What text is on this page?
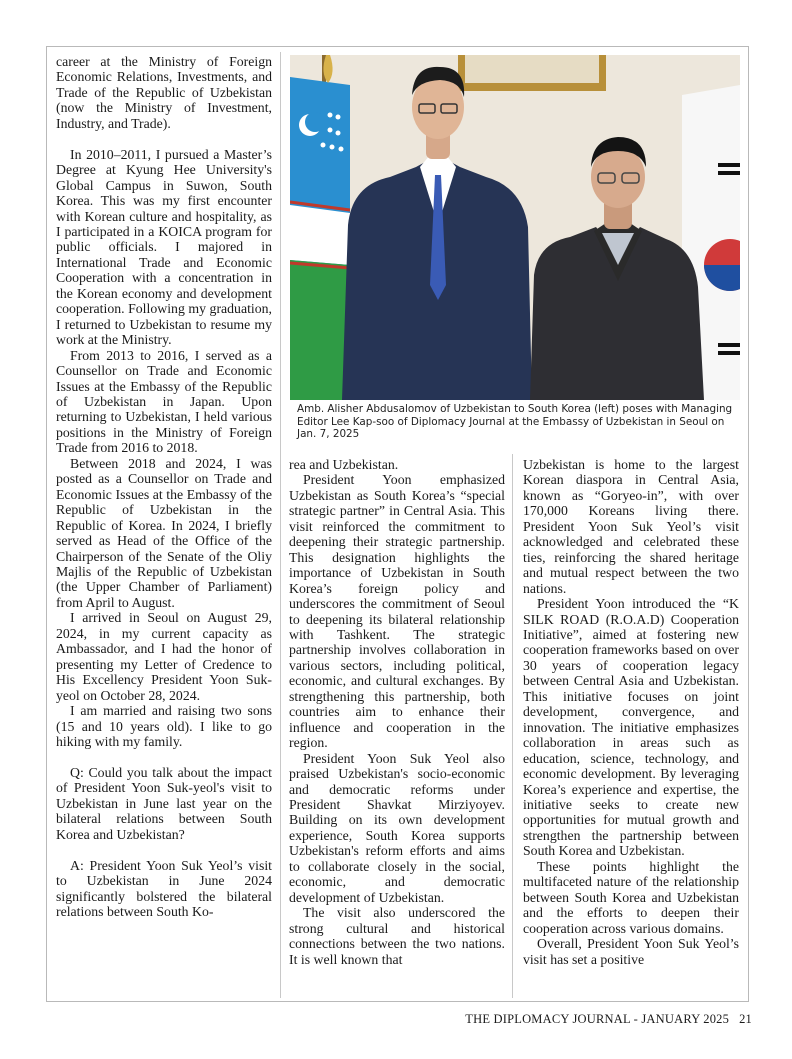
career at the Ministry of Foreign Economic Relations, Investments, and Trade of the Republic of Uzbekistan (now the Ministry of Investment, Industry, and Trade).

In 2010–2011, I pursued a Master’s Degree at Kyung Hee University's Global Campus in Suwon, South Korea. This was my first encounter with Korean culture and hospitality, as I participated in a KOICA program for public officials. I majored in International Trade and Economic Cooperation with a concentration in the Korean economy and development cooperation. Following my graduation, I returned to Uzbekistan to resume my work at the Ministry.

From 2013 to 2016, I served as a Counsellor on Trade and Economic Issues at the Embassy of the Republic of Uzbekistan in Japan. Upon returning to Uzbekistan, I held various positions in the Ministry of Foreign Trade from 2016 to 2018.

Between 2018 and 2024, I was posted as a Counsellor on Trade and Economic Issues at the Embassy of the Republic of Uzbekistan in the Republic of Korea. In 2024, I briefly served as Head of the Office of the Chairperson of the Senate of the Oliy Majlis of the Republic of Uzbekistan (the Upper Chamber of Parliament) from April to August.

I arrived in Seoul on August 29, 2024, in my current capacity as Ambassador, and I had the honor of presenting my Letter of Credence to His Excellency President Yoon Suk-yeol on October 28, 2024.

I am married and raising two sons (15 and 10 years old). I like to go hiking with my family.

Q: Could you talk about the impact of President Yoon Suk-yeol's visit to Uzbekistan in June last year on the bilateral relations between South Korea and Uzbekistan?

A: President Yoon Suk Yeol’s visit to Uzbekistan in June 2024 significantly bolstered the bilateral relations between South Ko-

Amb. Alisher Abdusalomov of Uzbekistan to South Korea (left) poses with Managing Editor Lee Kap-soo of Diplomacy Journal at the Embassy of Uzbekistan in Seoul on Jan. 7, 2025

rea and Uzbekistan.

President Yoon emphasized Uzbekistan as South Korea’s “special strategic partner” in Central Asia. This visit reinforced the commitment to deepening their strategic partnership. This designation highlights the importance of Uzbekistan in South Korea’s foreign policy and underscores the commitment of Seoul to deepening its bilateral relationship with Tashkent. The strategic partnership involves collaboration in various sectors, including political, economic, and cultural exchanges. By strengthening this partnership, both countries aim to enhance their influence and cooperation in the region.

President Yoon Suk Yeol also praised Uzbekistan's socio-economic and democratic reforms under President Shavkat Mirziyoyev. Building on its own development experience, South Korea supports Uzbekistan's reform efforts and aims to collaborate closely in the social, economic, and democratic development of Uzbekistan.

The visit also underscored the strong cultural and historical connections between the two nations. It is well known that

Uzbekistan is home to the largest Korean diaspora in Central Asia, known as “Goryeo-in”, with over 170,000 Koreans living there. President Yoon Suk Yeol’s visit acknowledged and celebrated these ties, reinforcing the shared heritage and mutual respect between the two nations.

President Yoon introduced the “K SILK ROAD (R.O.A.D) Cooperation Initiative”, aimed at fostering new cooperation frameworks based on over 30 years of cooperation legacy between Central Asia and Uzbekistan. This initiative focuses on joint development, convergence, and innovation. The initiative emphasizes collaboration in areas such as education, science, technology, and economic development. By leveraging Korea’s experience and expertise, the initiative seeks to create new opportunities for mutual growth and strengthen the partnership between South Korea and Uzbekistan.

These points highlight the multifaceted nature of the relationship between South Korea and Uzbekistan and the efforts to deepen their cooperation across various domains.

Overall, President Yoon Suk Yeol’s visit has set a positive

THE DIPLOMACY JOURNAL - JANUARY 2025 21
